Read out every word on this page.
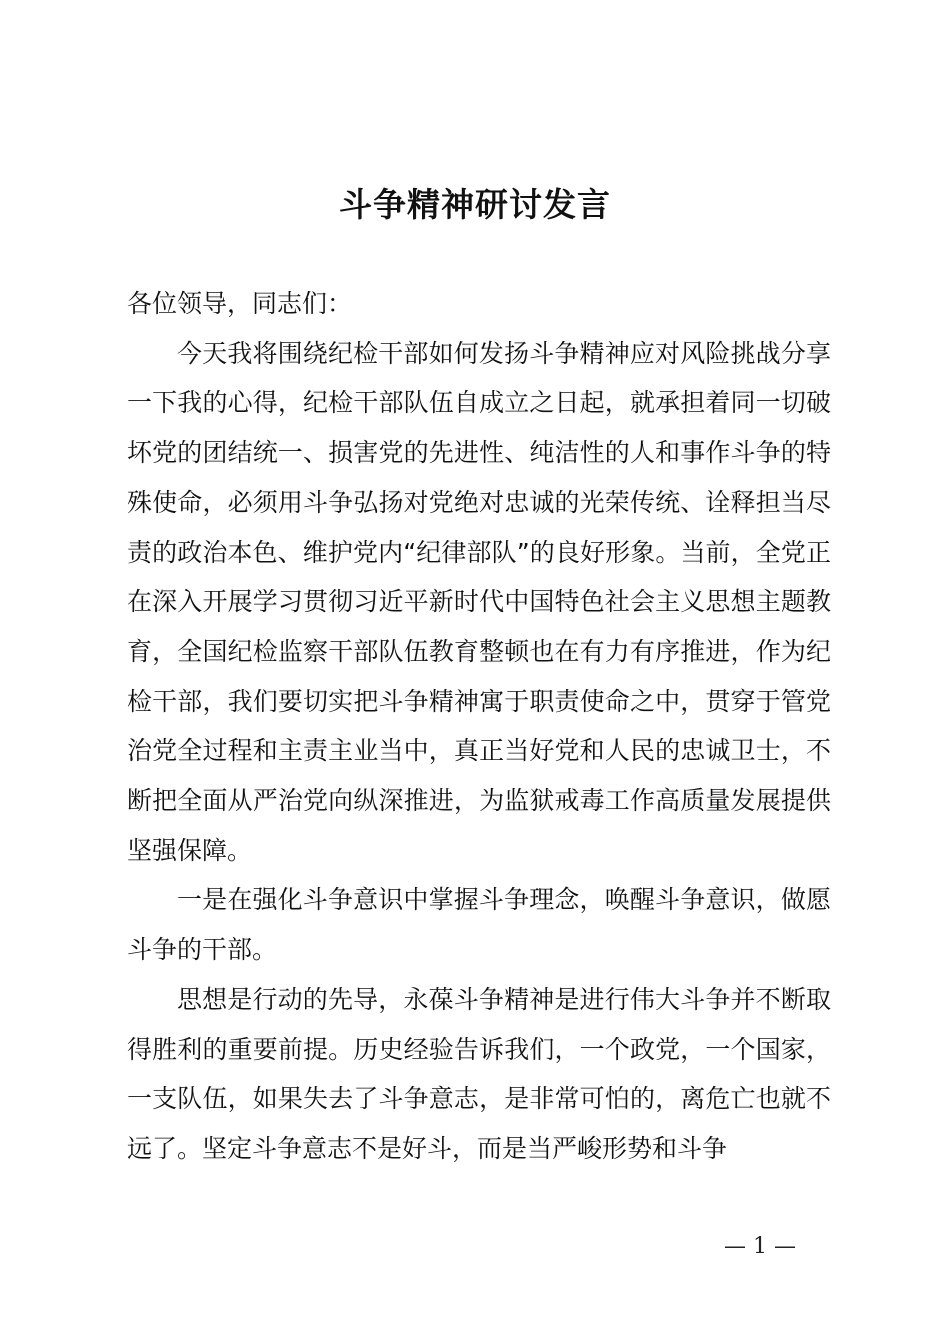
斗争精神研讨发言

各位领导，同志们：

今天我将围绕纪检干部如何发扬斗争精神应对风险挑战分享一下我的心得，纪检干部队伍自成立之日起，就承担着同一切破坏党的团结统一、损害党的先进性、纯洁性的人和事作斗争的特殊使命，必须用斗争弘扬对党绝对忠诚的光荣传统、诠释担当尽责的政治本色、维护党内“纪律部队”的良好形象。当前，全党正在深入开展学习贯彻习近平新时代中国特色社会主义思想主题教育，全国纪检监察干部队伍教育整顿也在有力有序推进，作为纪检干部，我们要切实把斗争精神寓于职责使命之中，贯穿于管党治党全过程和主责主业当中，真正当好党和人民的忠诚卫士，不断把全面从严治党向纵深推进，为监狱戒毒工作高质量发展提供坚强保障。

一是在强化斗争意识中掌握斗争理念，唤醒斗争意识，做愿斗争的干部。

思想是行动的先导，永葆斗争精神是进行伟大斗争并不断取得胜利的重要前提。历史经验告诉我们，一个政党，一个国家，一支队伍，如果失去了斗争意志，是非常可怕的，离危亡也就不远了。坚定斗争意志不是好斗，而是当严峻形势和斗争

— 1 —
